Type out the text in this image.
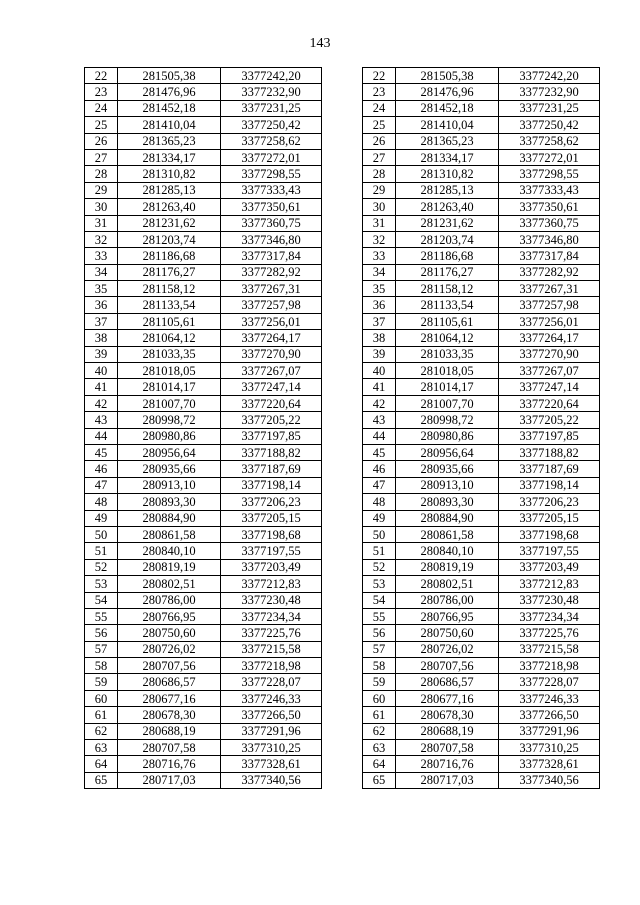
143
22	281505,38	3377242,20
23	281476,96	3377232,90
24	281452,18	3377231,25
25	281410,04	3377250,42
26	281365,23	3377258,62
27	281334,17	3377272,01
28	281310,82	3377298,55
29	281285,13	3377333,43
30	281263,40	3377350,61
31	281231,62	3377360,75
32	281203,74	3377346,80
33	281186,68	3377317,84
34	281176,27	3377282,92
35	281158,12	3377267,31
36	281133,54	3377257,98
37	281105,61	3377256,01
38	281064,12	3377264,17
39	281033,35	3377270,90
40	281018,05	3377267,07
41	281014,17	3377247,14
42	281007,70	3377220,64
43	280998,72	3377205,22
44	280980,86	3377197,85
45	280956,64	3377188,82
46	280935,66	3377187,69
47	280913,10	3377198,14
48	280893,30	3377206,23
49	280884,90	3377205,15
50	280861,58	3377198,68
51	280840,10	3377197,55
52	280819,19	3377203,49
53	280802,51	3377212,83
54	280786,00	3377230,48
55	280766,95	3377234,34
56	280750,60	3377225,76
57	280726,02	3377215,58
58	280707,56	3377218,98
59	280686,57	3377228,07
60	280677,16	3377246,33
61	280678,30	3377266,50
62	280688,19	3377291,96
63	280707,58	3377310,25
64	280716,76	3377328,61
65	280717,03	3377340,56
22	281505,38	3377242,20
23	281476,96	3377232,90
24	281452,18	3377231,25
25	281410,04	3377250,42
26	281365,23	3377258,62
27	281334,17	3377272,01
28	281310,82	3377298,55
29	281285,13	3377333,43
30	281263,40	3377350,61
31	281231,62	3377360,75
32	281203,74	3377346,80
33	281186,68	3377317,84
34	281176,27	3377282,92
35	281158,12	3377267,31
36	281133,54	3377257,98
37	281105,61	3377256,01
38	281064,12	3377264,17
39	281033,35	3377270,90
40	281018,05	3377267,07
41	281014,17	3377247,14
42	281007,70	3377220,64
43	280998,72	3377205,22
44	280980,86	3377197,85
45	280956,64	3377188,82
46	280935,66	3377187,69
47	280913,10	3377198,14
48	280893,30	3377206,23
49	280884,90	3377205,15
50	280861,58	3377198,68
51	280840,10	3377197,55
52	280819,19	3377203,49
53	280802,51	3377212,83
54	280786,00	3377230,48
55	280766,95	3377234,34
56	280750,60	3377225,76
57	280726,02	3377215,58
58	280707,56	3377218,98
59	280686,57	3377228,07
60	280677,16	3377246,33
61	280678,30	3377266,50
62	280688,19	3377291,96
63	280707,58	3377310,25
64	280716,76	3377328,61
65	280717,03	3377340,56
